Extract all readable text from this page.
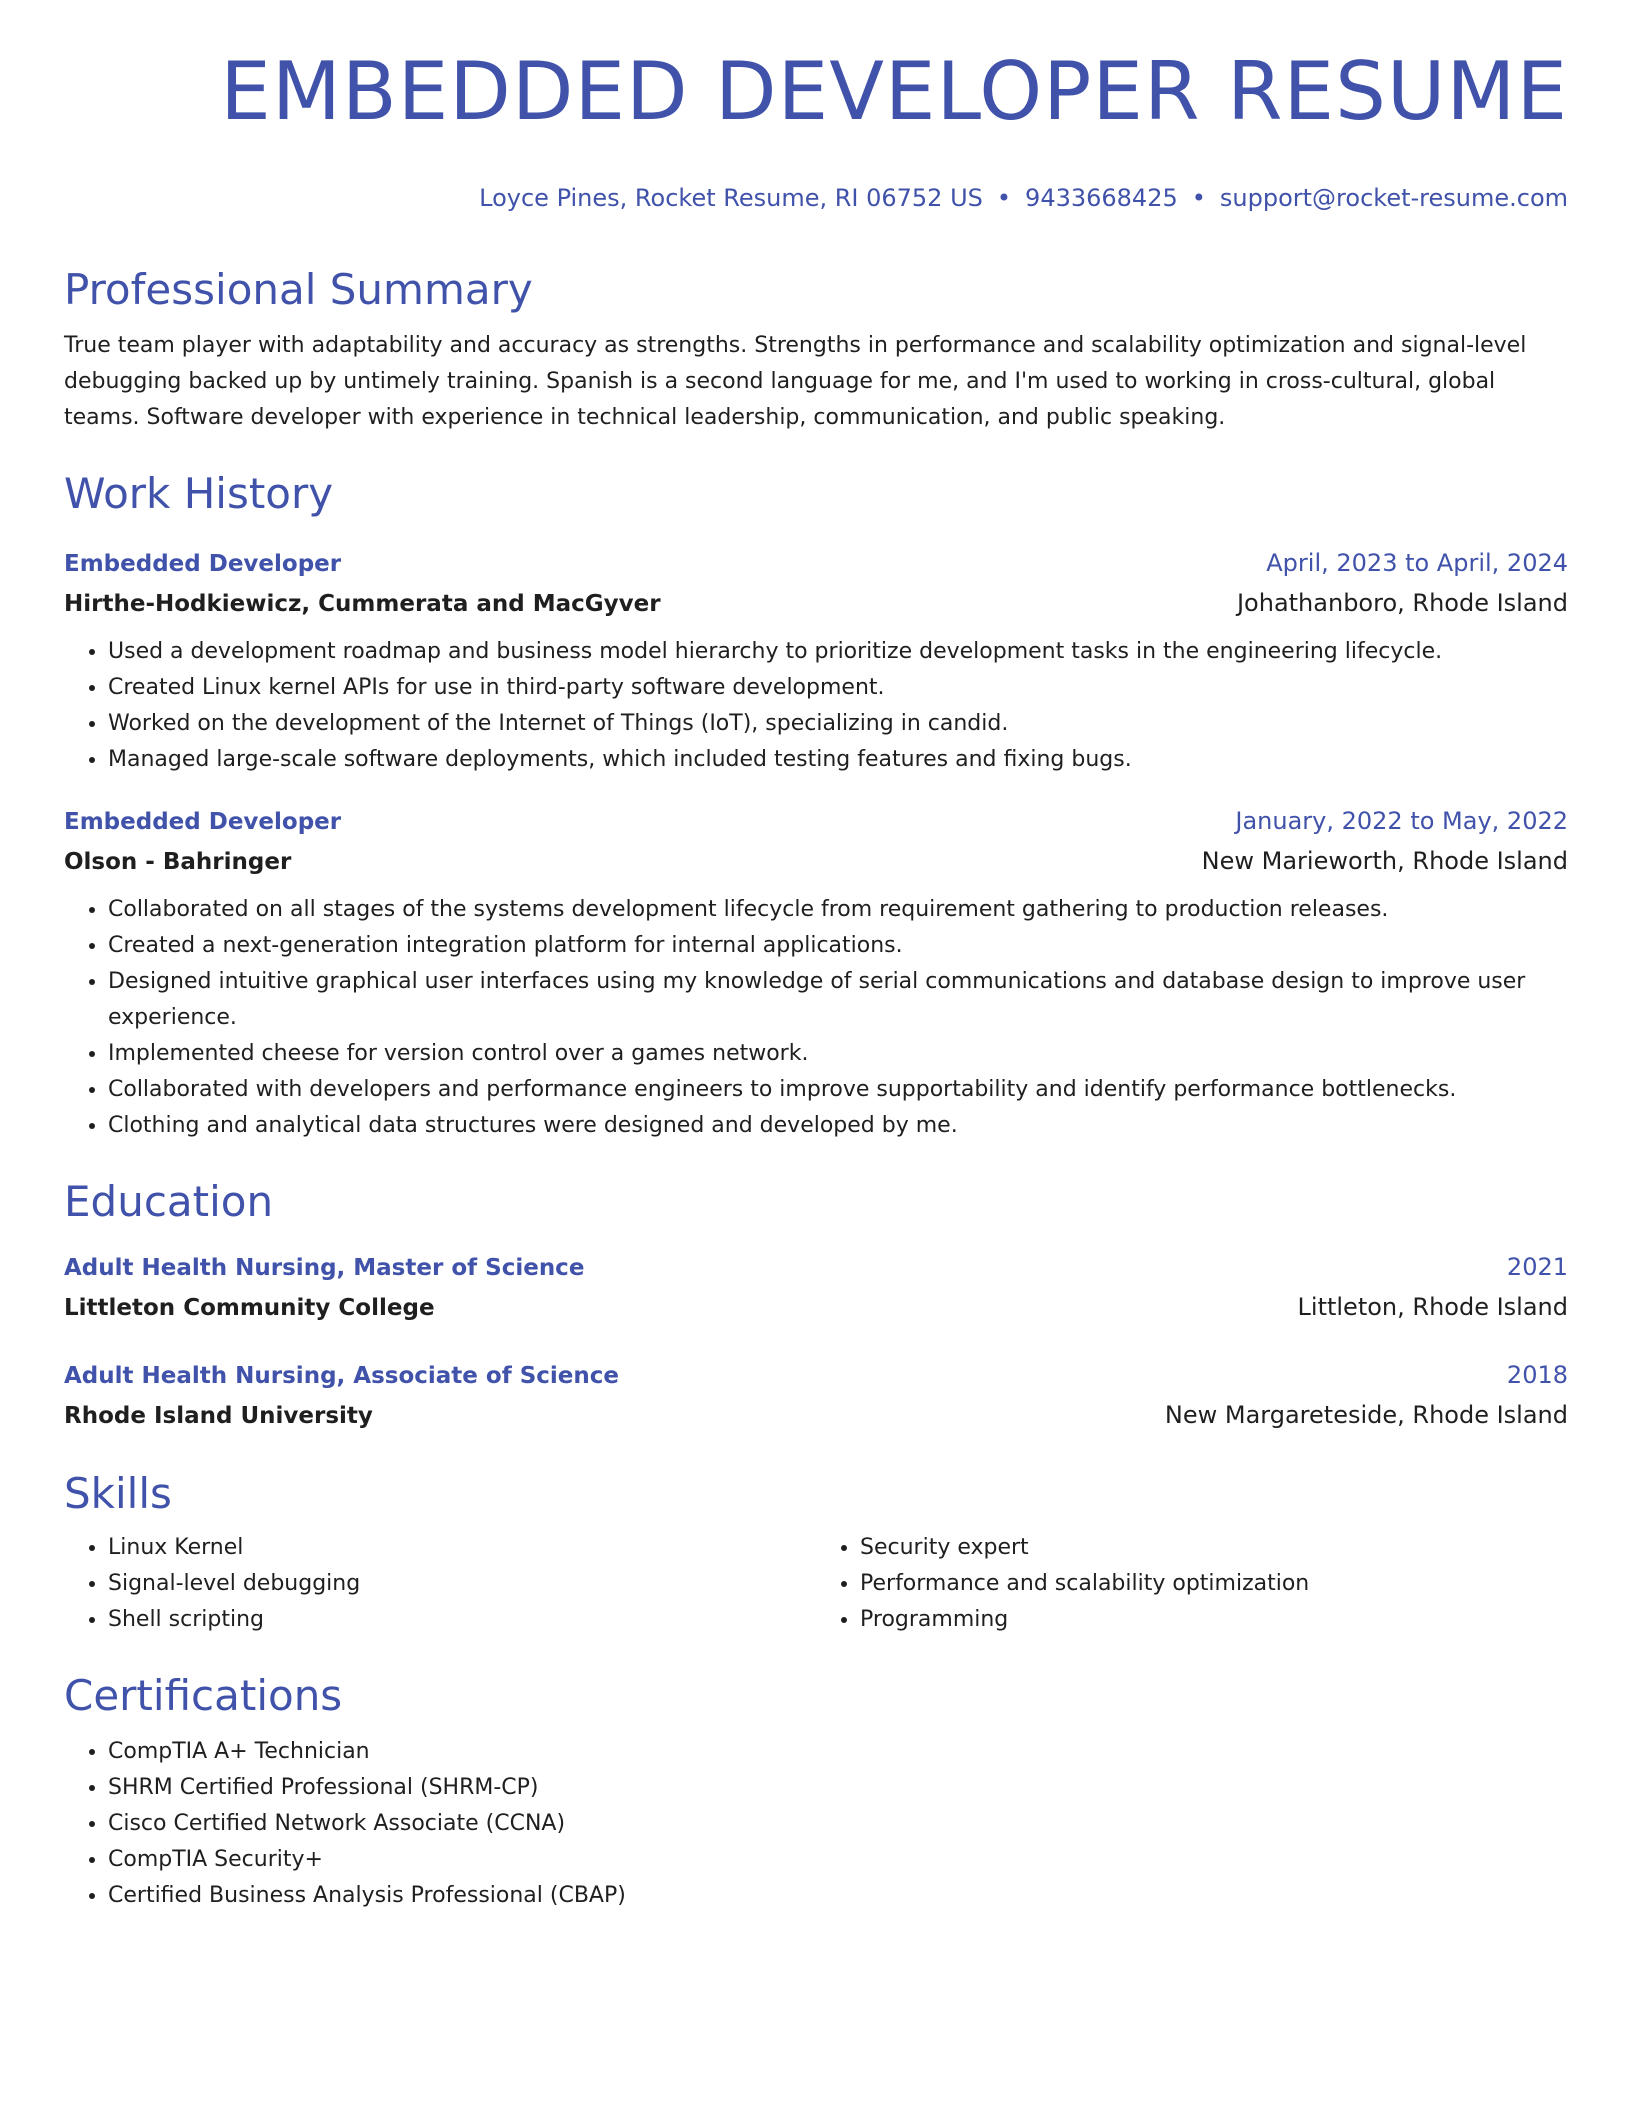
EMBEDDED DEVELOPER RESUME

Loyce Pines, Rocket Resume, RI 06752 US • 9433668425 • support@rocket-resume.com

Professional Summary

True team player with adaptability and accuracy as strengths. Strengths in performance and scalability optimization and signal-level debugging backed up by untimely training. Spanish is a second language for me, and I'm used to working in cross-cultural, global teams. Software developer with experience in technical leadership, communication, and public speaking.

Work History
Embedded Developer	April, 2023 to April, 2024
Hirthe-Hodkiewicz, Cummerata and MacGyver	Johathanboro, Rhode Island
• Used a development roadmap and business model hierarchy to prioritize development tasks in the engineering lifecycle.
• Created Linux kernel APIs for use in third-party software development.
• Worked on the development of the Internet of Things (IoT), specializing in candid.
• Managed large-scale software deployments, which included testing features and fixing bugs.
Embedded Developer	January, 2022 to May, 2022
Olson - Bahringer	New Marieworth, Rhode Island
• Collaborated on all stages of the systems development lifecycle from requirement gathering to production releases.
• Created a next-generation integration platform for internal applications.
• Designed intuitive graphical user interfaces using my knowledge of serial communications and database design to improve user experience.
• Implemented cheese for version control over a games network.
• Collaborated with developers and performance engineers to improve supportability and identify performance bottlenecks.
• Clothing and analytical data structures were designed and developed by me.
Education
Adult Health Nursing, Master of Science	2021
Littleton Community College	Littleton, Rhode Island
Adult Health Nursing, Associate of Science	2018
Rhode Island University	New Margareteside, Rhode Island
Skills
• Linux Kernel
• Signal-level debugging
• Shell scripting
• Security expert
• Performance and scalability optimization
• Programming
Certifications
• CompTIA A+ Technician
• SHRM Certified Professional (SHRM-CP)
• Cisco Certified Network Associate (CCNA)
• CompTIA Security+
• Certified Business Analysis Professional (CBAP)
